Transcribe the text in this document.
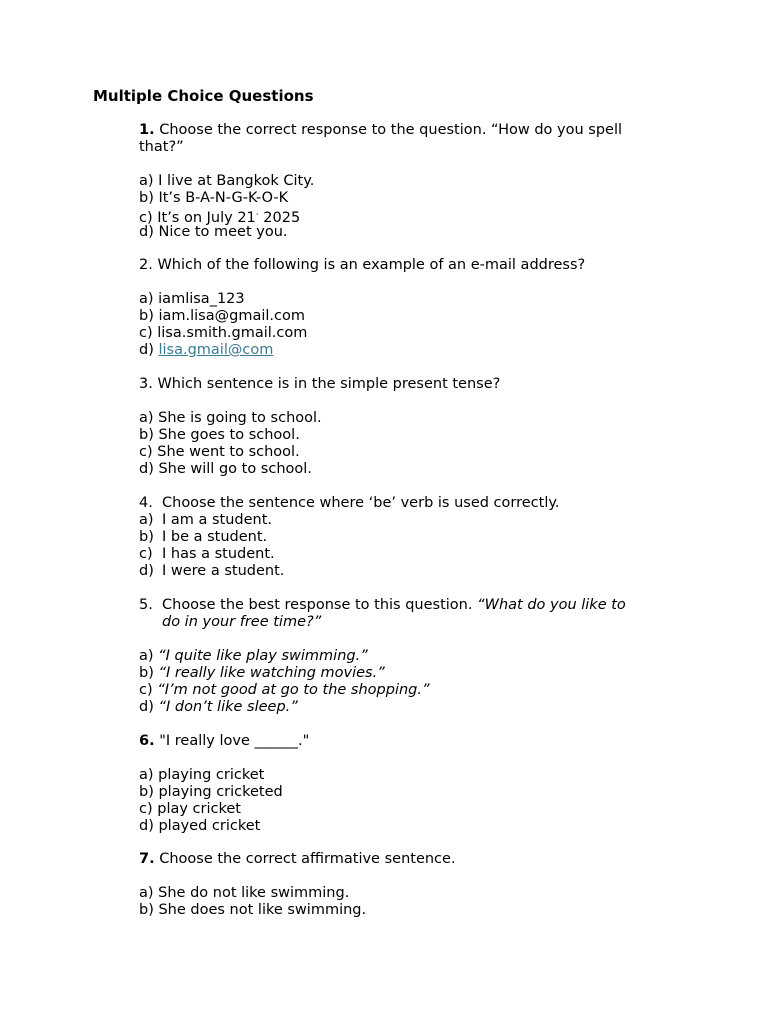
Multiple Choice Questions
1. Choose the correct response to the question. “How do you spell
that?”
a) I live at Bangkok City.
b) It’s B-A-N-G-K-O-K
c) It’s on July 21· 2025
d) Nice to meet you.
2. Which of the following is an example of an e-mail address?
a) iamlisa_123
b) iam.lisa@gmail.com
c) lisa.smith.gmail.com
d) lisa.gmail@com
3. Which sentence is in the simple present tense?
a) She is going to school.
b) She goes to school.
c) She went to school.
d) She will go to school.
4. Choose the sentence where ‘be’ verb is used correctly.
a) I am a student.
b) I be a student.
c) I has a student.
d) I were a student.
5. Choose the best response to this question. “What do you like to
do in your free time?”
a) “I quite like play swimming.”
b) “I really like watching movies.”
c) “I’m not good at go to the shopping.”
d) “I don’t like sleep.”
6. "I really love ______."
a) playing cricket
b) playing cricketed
c) play cricket
d) played cricket
7. Choose the correct affirmative sentence.
a) She do not like swimming.
b) She does not like swimming.
